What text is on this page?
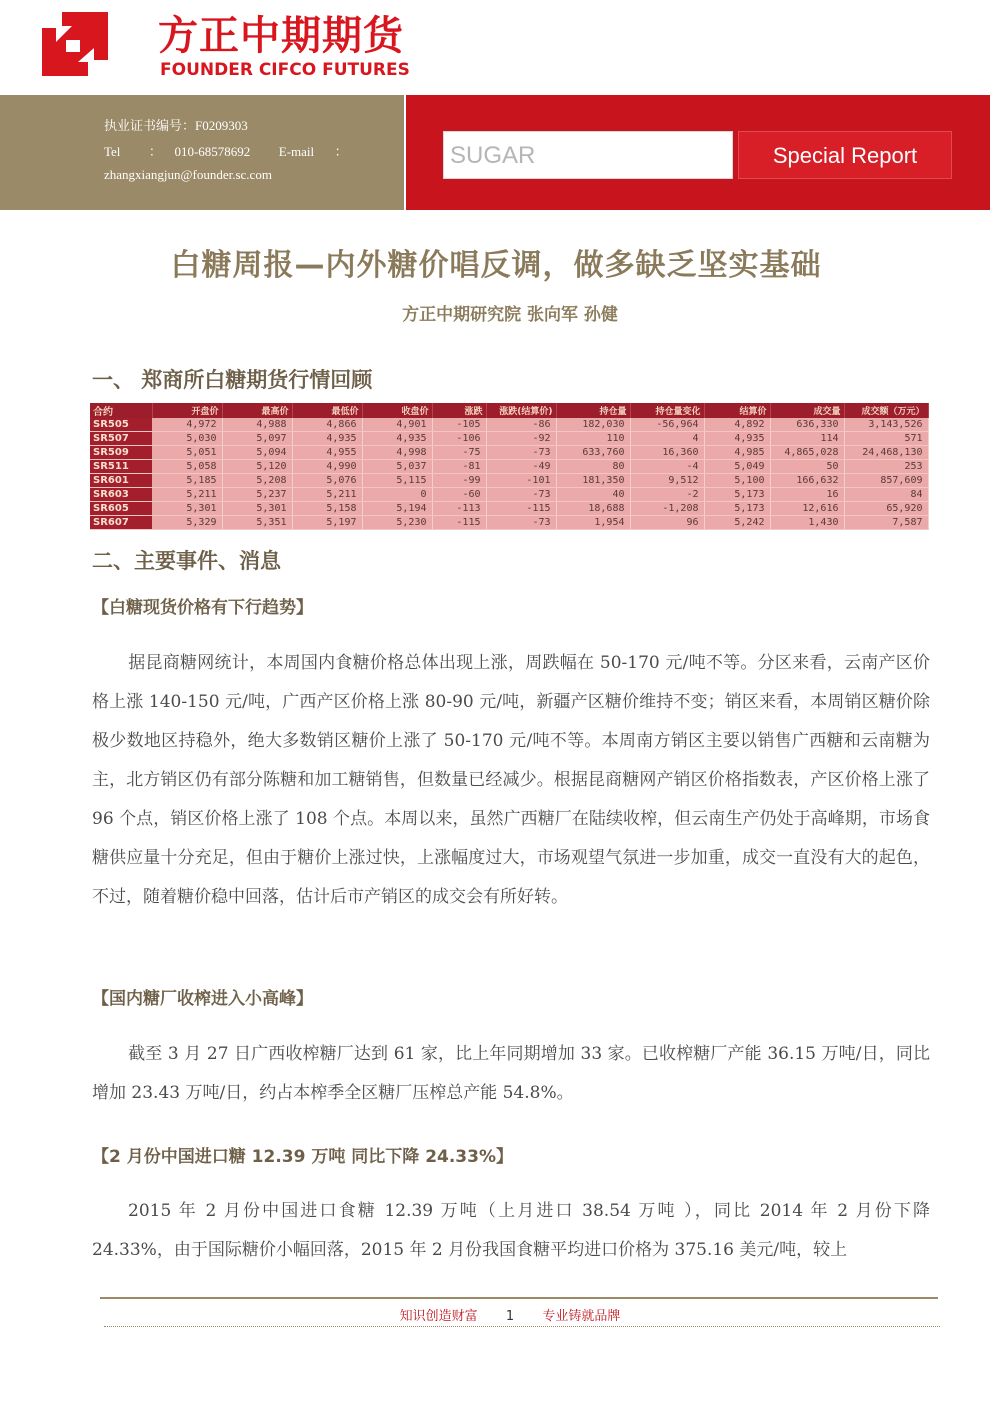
方正中期期货
FOUNDER CIFCO FUTURES
执业证书编号：F0209303
Tel ： 010-68578692 E-mail ：
zhangxiangjun@founder.sc.com
SUGAR	Special Report
白糖周报—内外糖价唱反调，做多缺乏坚实基础
方正中期研究院 张向军 孙健
一、 郑商所白糖期货行情回顾
合约	开盘价	最高价	最低价	收盘价	涨跌	涨跌(结算价)	持仓量	持仓量变化	结算价	成交量	成交额（万元）
SR505	4,972	4,988	4,866	4,901	-105	-86	182,030	-56,964	4,892	636,330	3,143,526
SR507	5,030	5,097	4,935	4,935	-106	-92	110	4	4,935	114	571
SR509	5,051	5,094	4,955	4,998	-75	-73	633,760	16,360	4,985	4,865,028	24,468,130
SR511	5,058	5,120	4,990	5,037	-81	-49	80	-4	5,049	50	253
SR601	5,185	5,208	5,076	5,115	-99	-101	181,350	9,512	5,100	166,632	857,609
SR603	5,211	5,237	5,211	0	-60	-73	40	-2	5,173	16	84
SR605	5,301	5,301	5,158	5,194	-113	-115	18,688	-1,208	5,173	12,616	65,920
SR607	5,329	5,351	5,197	5,230	-115	-73	1,954	96	5,242	1,430	7,587
二、主要事件、消息
【白糖现货价格有下行趋势】

据昆商糖网统计，本周国内食糖价格总体出现上涨，周跌幅在 50-170 元/吨不等。分区来看，云南产区价格上涨 140-150 元/吨，广西产区价格上涨 80-90 元/吨，新疆产区糖价维持不变；销区来看，本周销区糖价除极少数地区持稳外，绝大多数销区糖价上涨了 50-170 元/吨不等。本周南方销区主要以销售广西糖和云南糖为主，北方销区仍有部分陈糖和加工糖销售，但数量已经减少。根据昆商糖网产销区价格指数表，产区价格上涨了 96 个点，销区价格上涨了 108 个点。本周以来，虽然广西糖厂在陆续收榨，但云南生产仍处于高峰期，市场食糖供应量十分充足，但由于糖价上涨过快，上涨幅度过大，市场观望气氛进一步加重，成交一直没有大的起色，不过，随着糖价稳中回落，估计后市产销区的成交会有所好转。

【国内糖厂收榨进入小高峰】

截至 3 月 27 日广西收榨糖厂达到 61 家，比上年同期增加 33 家。已收榨糖厂产能 36.15 万吨/日，同比增加 23.43 万吨/日，约占本榨季全区糖厂压榨总产能 54.8%。

【2 月份中国进口糖 12.39 万吨 同比下降 24.33%】

2015 年 2 月份中国进口食糖 12.39 万吨（上月进口 38.54 万吨 ），同比 2014 年 2 月份下降 24.33%，由于国际糖价小幅回落，2015 年 2 月份我国食糖平均进口价格为 375.16 美元/吨，较上

知识创造财富 1 专业铸就品牌
